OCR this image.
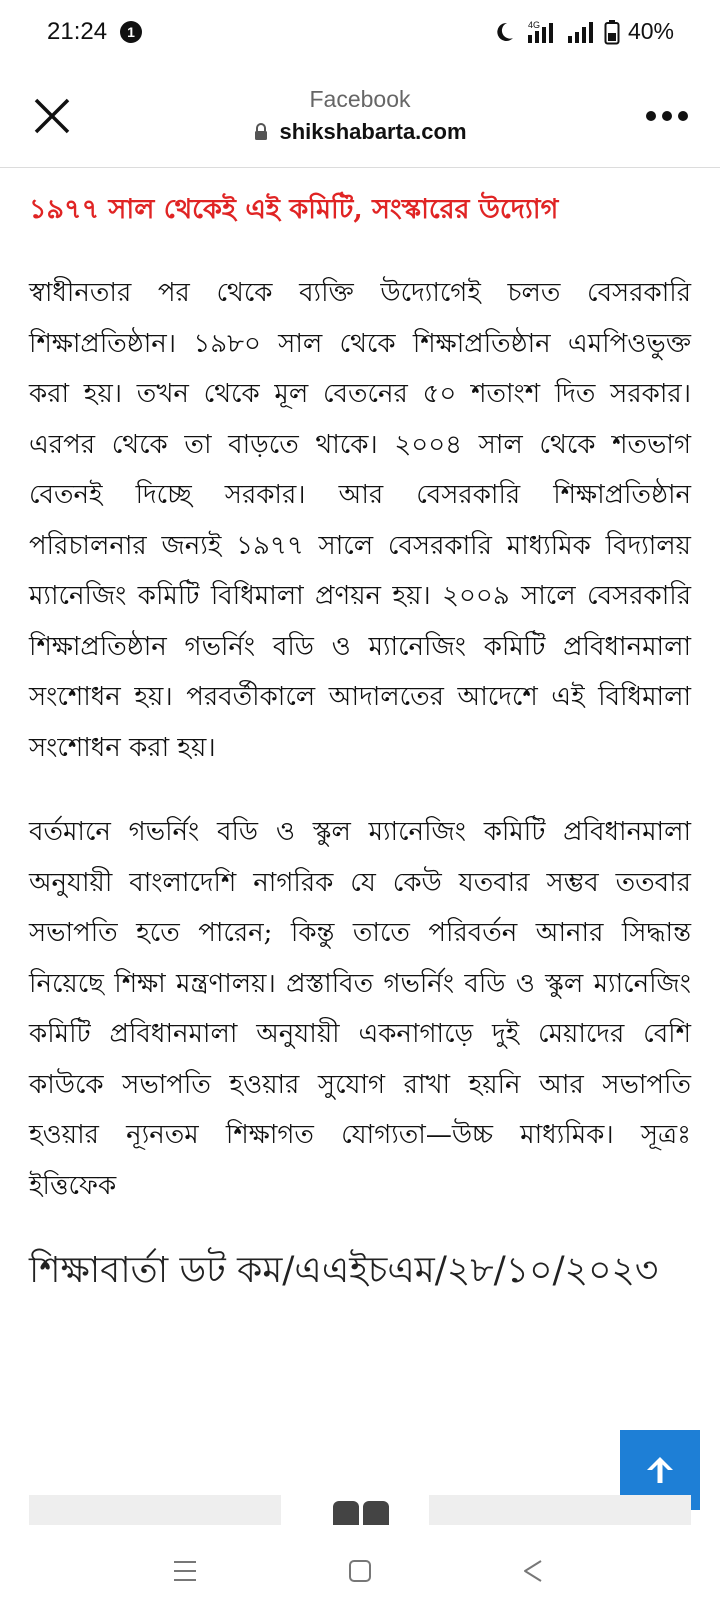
21:24	1	4G	40%
Facebook
shikshabarta.com
১৯৭৭ সাল থেকেই এই কমিটি, সংস্কারের উদ্যোগ

স্বাধীনতার পর থেকে ব্যক্তি উদ্যোগেই চলত বেসরকারি শিক্ষাপ্রতিষ্ঠান। ১৯৮০ সাল থেকে শিক্ষাপ্রতিষ্ঠান এমপিওভুক্ত করা হয়। তখন থেকে মূল বেতনের ৫০ শতাংশ দিত সরকার। এরপর থেকে তা বাড়তে থাকে। ২০০৪ সাল থেকে শতভাগ বেতনই দিচ্ছে সরকার। আর বেসরকারি শিক্ষাপ্রতিষ্ঠান পরিচালনার জন্যই ১৯৭৭ সালে বেসরকারি মাধ্যমিক বিদ্যালয় ম্যানেজিং কমিটি বিধিমালা প্রণয়ন হয়। ২০০৯ সালে বেসরকারি শিক্ষাপ্রতিষ্ঠান গভর্নিং বডি ও ম্যানেজিং কমিটি প্রবিধানমালা সংশোধন হয়। পরবর্তীকালে আদালতের আদেশে এই বিধিমালা সংশোধন করা হয়।

বর্তমানে গভর্নিং বডি ও স্কুল ম্যানেজিং কমিটি প্রবিধানমালা অনুযায়ী বাংলাদেশি নাগরিক যে কেউ যতবার সম্ভব ততবার সভাপতি হতে পারেন; কিন্তু তাতে পরিবর্তন আনার সিদ্ধান্ত নিয়েছে শিক্ষা মন্ত্রণালয়। প্রস্তাবিত গভর্নিং বডি ও স্কুল ম্যানেজিং কমিটি প্রবিধানমালা অনুযায়ী একনাগাড়ে দুই মেয়াদের বেশি কাউকে সভাপতি হওয়ার সুযোগ রাখা হয়নি আর সভাপতি হওয়ার ন্যূনতম শিক্ষাগত যোগ্যতা—উচ্চ মাধ্যমিক। সূত্রঃ ইত্তিফেক

শিক্ষাবার্তা ডট কম/এএইচএম/২৮/১০/২০২৩
